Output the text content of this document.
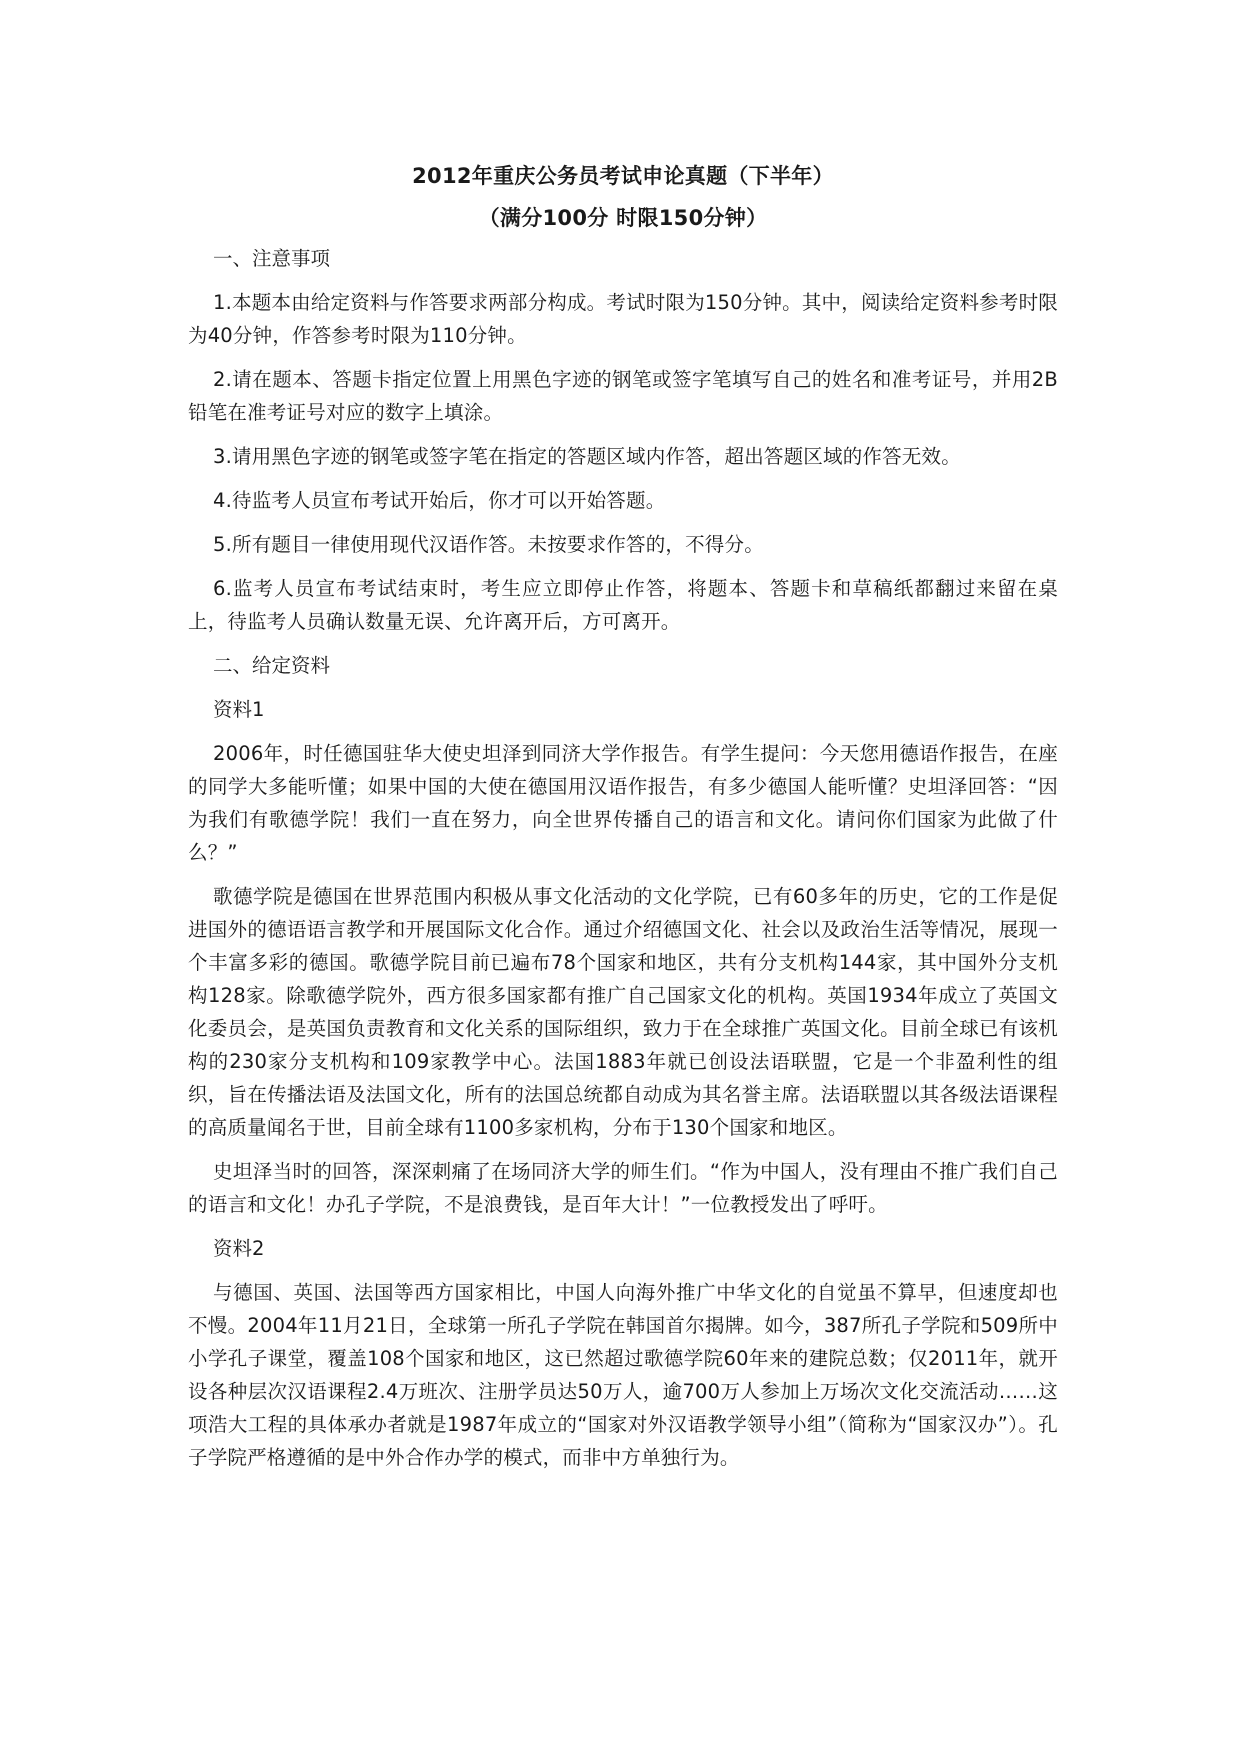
2012年重庆公务员考试申论真题（下半年）
（满分100分 时限150分钟）

一、注意事项

1.本题本由给定资料与作答要求两部分构成。考试时限为150分钟。其中，阅读给定资料参考时限为40分钟，作答参考时限为110分钟。

2.请在题本、答题卡指定位置上用黑色字迹的钢笔或签字笔填写自己的姓名和准考证号，并用2B铅笔在准考证号对应的数字上填涂。

3.请用黑色字迹的钢笔或签字笔在指定的答题区域内作答，超出答题区域的作答无效。

4.待监考人员宣布考试开始后，你才可以开始答题。

5.所有题目一律使用现代汉语作答。未按要求作答的，不得分。

6.监考人员宣布考试结束时，考生应立即停止作答，将题本、答题卡和草稿纸都翻过来留在桌上，待监考人员确认数量无误、允许离开后，方可离开。

二、给定资料

资料1

2006年，时任德国驻华大使史坦泽到同济大学作报告。有学生提问：今天您用德语作报告，在座的同学大多能听懂；如果中国的大使在德国用汉语作报告，有多少德国人能听懂？史坦泽回答：“因为我们有歌德学院！我们一直在努力，向全世界传播自己的语言和文化。请问你们国家为此做了什么？”

歌德学院是德国在世界范围内积极从事文化活动的文化学院，已有60多年的历史，它的工作是促进国外的德语语言教学和开展国际文化合作。通过介绍德国文化、社会以及政治生活等情况，展现一个丰富多彩的德国。歌德学院目前已遍布78个国家和地区，共有分支机构144家，其中国外分支机构128家。除歌德学院外，西方很多国家都有推广自己国家文化的机构。英国1934年成立了英国文化委员会，是英国负责教育和文化关系的国际组织，致力于在全球推广英国文化。目前全球已有该机构的230家分支机构和109家教学中心。法国1883年就已创设法语联盟，它是一个非盈利性的组织，旨在传播法语及法国文化，所有的法国总统都自动成为其名誉主席。法语联盟以其各级法语课程的高质量闻名于世，目前全球有1100多家机构，分布于130个国家和地区。

史坦泽当时的回答，深深刺痛了在场同济大学的师生们。“作为中国人，没有理由不推广我们自己的语言和文化！办孔子学院，不是浪费钱，是百年大计！”一位教授发出了呼吁。

资料2

与德国、英国、法国等西方国家相比，中国人向海外推广中华文化的自觉虽不算早，但速度却也不慢。2004年11月21日，全球第一所孔子学院在韩国首尔揭牌。如今，387所孔子学院和509所中小学孔子课堂，覆盖108个国家和地区，这已然超过歌德学院60年来的建院总数；仅2011年，就开设各种层次汉语课程2.4万班次、注册学员达50万人，逾700万人参加上万场次文化交流活动……这项浩大工程的具体承办者就是1987年成立的“国家对外汉语教学领导小组”（简称为“国家汉办”）。孔子学院严格遵循的是中外合作办学的模式，而非中方单独行为。
